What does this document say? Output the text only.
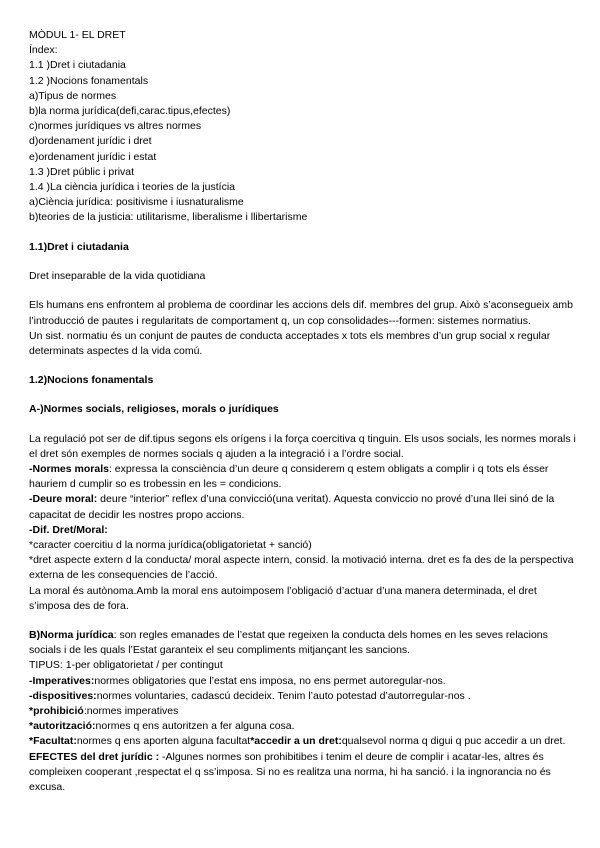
MÒDUL 1- EL DRET
Índex:
1.1 )Dret i ciutadania
1.2 )Nocions fonamentals
a)Tipus de normes
b)la norma jurídica(defi,carac.tipus,efectes)
c)normes jurídiques vs altres normes
d)ordenament jurídic i dret
e)ordenament jurídic i estat
1.3 )Dret públic i privat
1.4 )La ciència jurídica i teories de la justícia
a)Ciència jurídica: positivisme i iusnaturalisme
b)teories de la justicia: utilitarisme, liberalisme i llibertarisme

1.1)Dret i ciutadania

Dret inseparable de la vida quotidiana

Els humans ens enfrontem al problema de coordinar les accions dels dif. membres del grup. Això s’aconsegueix amb l’introducció de pautes i regularitats de comportament q, un cop consolidades---formen: sistemes normatius.

Un sist. normatiu és un conjunt de pautes de conducta acceptades x tots els membres d’un grup social x regular determinats aspectes d la vida comú.

1.2)Nocions fonamentals

A-)Normes socials, religioses, morals o jurídiques

La regulació pot ser de dif.tipus segons els orígens i la força coercitiva q tinguin. Els usos socials, les normes morals i el dret són exemples de normes socials q ajuden a la integració i a l’ordre social.

-Normes morals: expressa la consciència d’un deure q considerem q estem obligats a complir i q tots els ésser hauriem d cumplir so es trobessin en les = condicions.

-Deure moral: deure “interior” reflex d’una convicció(una veritat). Aquesta conviccio no prové d’una llei sinó de la capacitat de decidir les nostres propo accions.

-Dif. Dret/Moral:

*caracter coercitiu d la norma jurídica(obligatorietat + sanció)

*dret aspecte extern d la conducta/ moral aspecte intern, consid. la motivació interna. dret es fa des de la perspectiva externa de les consequencies de l’acció.

La moral és autònoma.Amb la moral ens autoimposem l’obligació d’actuar d’una manera determinada, el dret s’imposa des de fora.

B)Norma jurídica: son regles emanades de l’estat que regeixen la conducta dels homes en les seves relacions socials i de les quals l’Estat garanteix el seu compliments mitjançant les sancions.

TIPUS: 1-per obligatorietat / per contingut

-Imperatives:normes obligatories que l’estat ens imposa, no ens permet autoregular-nos.

-dispositives:normes voluntaries, cadascú decideix. Tenim l’auto potestad d’autorregular-nos .

*prohibició:normes imperatives

*autorització:normes q ens autoritzen a fer alguna cosa.

*Facultat:normes q ens aporten alguna facultat*accedir a un dret:qualsevol norma q digui q puc accedir a un dret. EFECTES del dret jurídic : -Algunes normes son prohibitibes i tenim el deure de complir i acatar-les, altres és compleixen cooperant ,respectat el q ss’imposa. Si no es realitza una norma, hi ha sanció. i la ingnorancia no és excusa.
